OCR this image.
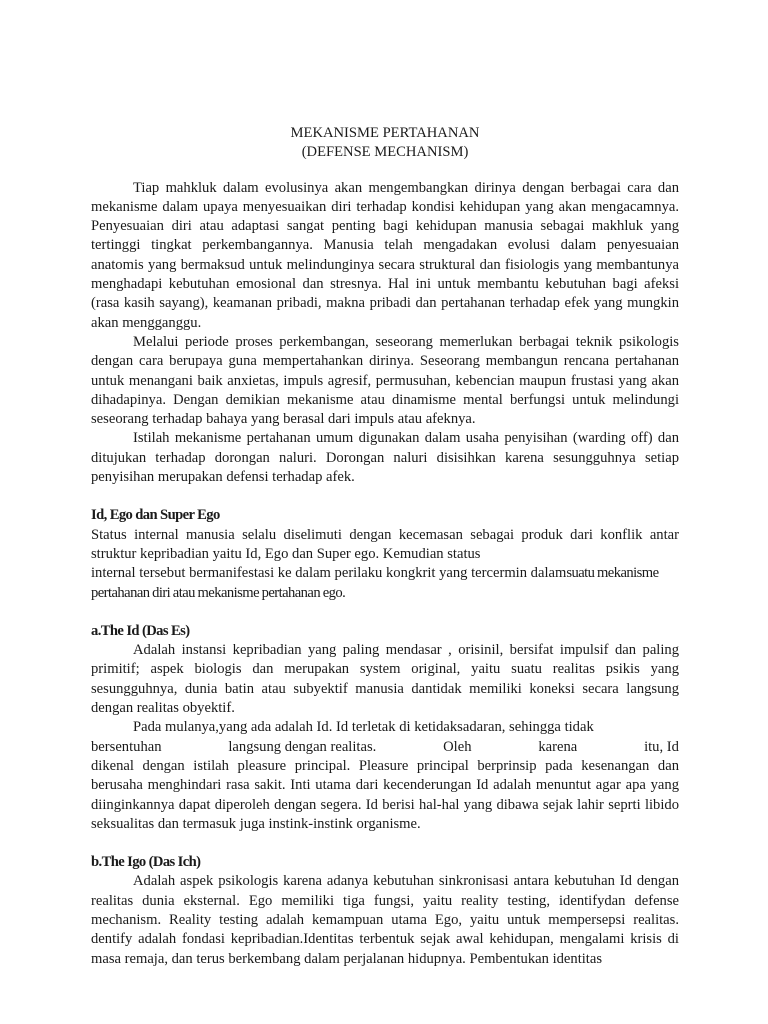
MEKANISME PERTAHANAN
(DEFENSE MECHANISM)

Tiap mahkluk dalam evolusinya akan mengembangkan dirinya dengan berbagai cara dan mekanisme dalam upaya menyesuaikan diri terhadap kondisi kehidupan yang akan mengacamnya. Penyesuaian diri atau adaptasi sangat penting bagi kehidupan manusia sebagai makhluk yang tertinggi tingkat perkembangannya. Manusia telah mengadakan evolusi dalam penyesuaian anatomis yang bermaksud untuk melindunginya secara struktural dan fisiologis yang membantunya menghadapi kebutuhan emosional dan stresnya. Hal ini untuk membantu kebutuhan bagi afeksi (rasa kasih sayang), keamanan pribadi, makna pribadi dan pertahanan terhadap efek yang mungkin akan mengganggu.

Melalui periode proses perkembangan, seseorang memerlukan berbagai teknik psikologis dengan cara berupaya guna mempertahankan dirinya. Seseorang membangun rencana pertahanan untuk menangani baik anxietas, impuls agresif, permusuhan, kebencian maupun frustasi yang akan dihadapinya. Dengan demikian mekanisme atau dinamisme mental berfungsi untuk melindungi seseorang terhadap bahaya yang berasal dari impuls atau afeknya.

Istilah mekanisme pertahanan umum digunakan dalam usaha penyisihan (warding off) dan ditujukan terhadap dorongan naluri. Dorongan naluri disisihkan karena sesungguhnya setiap penyisihan merupakan defensi terhadap afek.

Id, Ego dan Super Ego

Status internal manusia selalu diselimuti dengan kecemasan sebagai produk dari konflik antar struktur kepribadian yaitu Id, Ego dan Super ego. Kemudian status

internal tersebut bermanifestasi ke dalam perilaku kongkrit yang tercermin dalamsuatu mekanisme pertahanan diri atau mekanisme pertahanan ego.

a.The Id (Das Es)

Adalah instansi kepribadian yang paling mendasar , orisinil, bersifat impulsif dan paling primitif; aspek biologis dan merupakan system original, yaitu suatu realitas psikis yang sesungguhnya, dunia batin atau subyektif manusia dantidak memiliki koneksi secara langsung dengan realitas obyektif.

Pada mulanya,yang ada adalah Id. Id terletak di ketidaksadaran, sehingga tidak

bersentuhan	langsung dengan realitas.	Oleh	karena	itu, Id

dikenal dengan istilah pleasure principal. Pleasure principal berprinsip pada kesenangan dan berusaha menghindari rasa sakit. Inti utama dari kecenderungan Id adalah menuntut agar apa yang diinginkannya dapat diperoleh dengan segera. Id berisi hal-hal yang dibawa sejak lahir seprti libido seksualitas dan termasuk juga instink-instink organisme.

b.The Igo (Das Ich)

Adalah aspek psikologis karena adanya kebutuhan sinkronisasi antara kebutuhan Id dengan realitas dunia eksternal. Ego memiliki tiga fungsi, yaitu reality testing, identifydan defense mechanism. Reality testing adalah kemampuan utama Ego, yaitu untuk mempersepsi realitas. dentify adalah fondasi kepribadian.Identitas terbentuk sejak awal kehidupan, mengalami krisis di masa remaja, dan terus berkembang dalam perjalanan hidupnya. Pembentukan identitas
